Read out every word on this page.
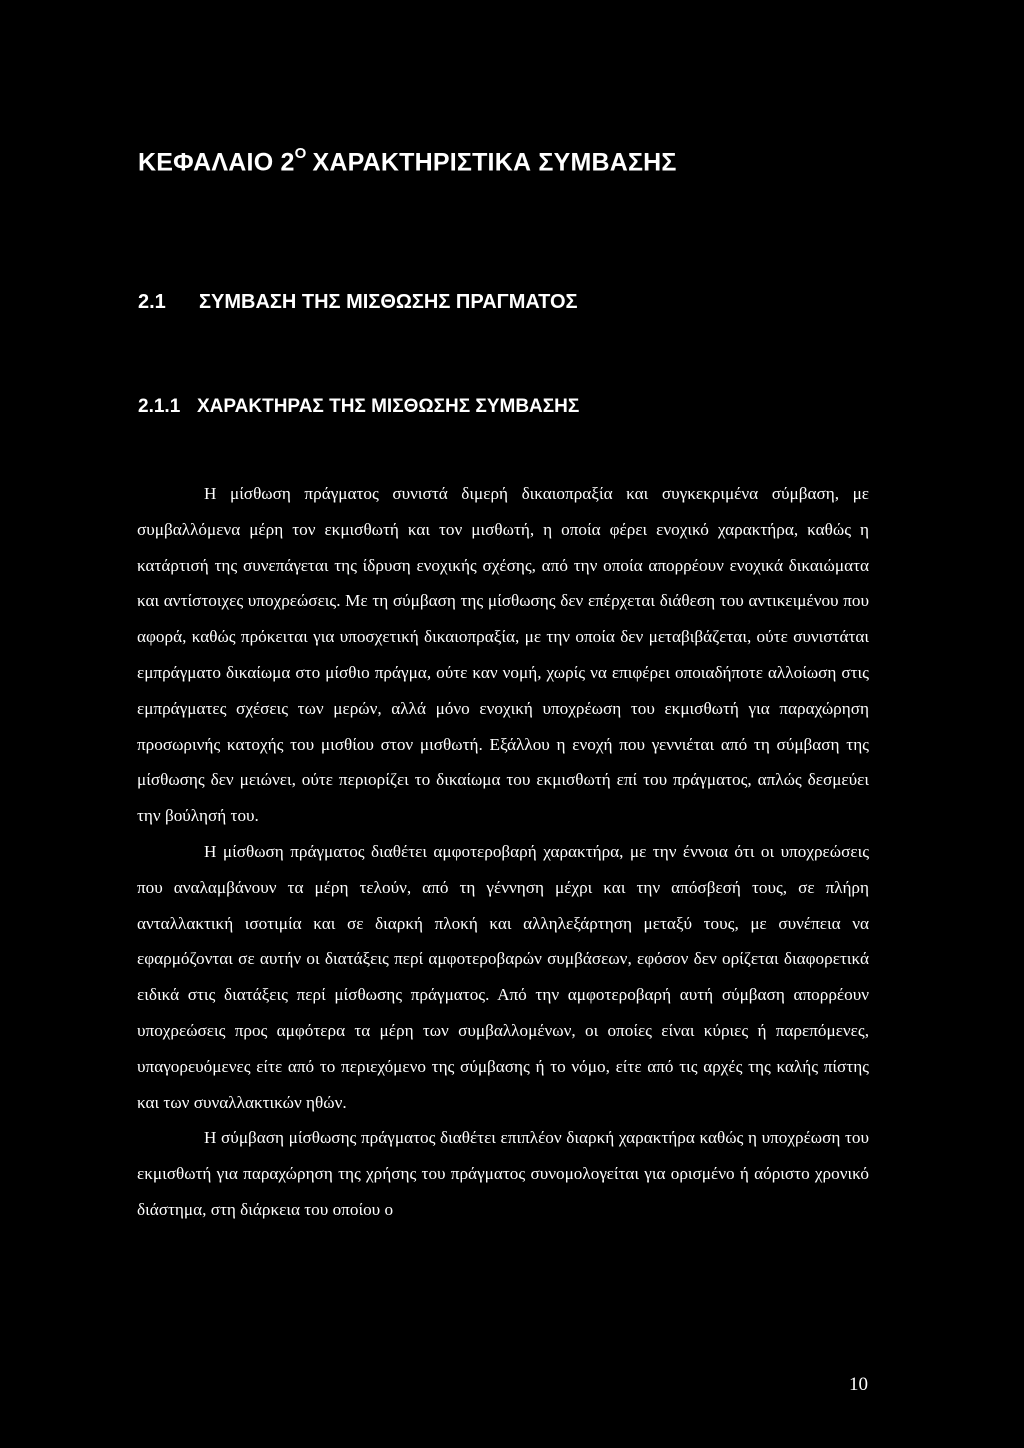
ΚΕΦΑΛΑΙΟ $2^O$ ΧΑΡΑΚΤΗΡΙΣΤΙΚΑ ΣΥΜΒΑΣΗΣ
2.1 ΣΥΜΒΑΣΗ ΤΗΣ ΜΙΣΘΩΣΗΣ ΠΡΑΓΜΑΤΟΣ
2.1.1 ΧΑΡΑΚΤΗΡΑΣ ΤΗΣ ΜΙΣΘΩΣΗΣ ΣΥΜΒΑΣΗΣ

Η μίσθωση πράγματος συνιστά διμερή δικαιοπραξία και συγκεκριμένα σύμβαση, με συμβαλλόμενα μέρη τον εκμισθωτή και τον μισθωτή, η οποία φέρει ενοχικό χαρακτήρα, καθώς η κατάρτισή της συνεπάγεται της ίδρυση ενοχικής σχέσης, από την οποία απορρέουν ενοχικά δικαιώματα και αντίστοιχες υποχρεώσεις. Με τη σύμβαση της μίσθωσης δεν επέρχεται διάθεση του αντικειμένου που αφορά, καθώς πρόκειται για υποσχετική δικαιοπραξία, με την οποία δεν μεταβιβάζεται, ούτε συνιστάται εμπράγματο δικαίωμα στο μίσθιο πράγμα, ούτε καν νομή, χωρίς να επιφέρει οποιαδήποτε αλλοίωση στις εμπράγματες σχέσεις των μερών, αλλά μόνο ενοχική υποχρέωση του εκμισθωτή για παραχώρηση προσωρινής κατοχής του μισθίου στον μισθωτή. Εξάλλου η ενοχή που γεννιέται από τη σύμβαση της μίσθωσης δεν μειώνει, ούτε περιορίζει το δικαίωμα του εκμισθωτή επί του πράγματος, απλώς δεσμεύει την βούλησή του.

Η μίσθωση πράγματος διαθέτει αμφοτεροβαρή χαρακτήρα, με την έννοια ότι οι υποχρεώσεις που αναλαμβάνουν τα μέρη τελούν, από τη γέννηση μέχρι και την απόσβεσή τους, σε πλήρη ανταλλακτική ισοτιμία και σε διαρκή πλοκή και αλληλεξάρτηση μεταξύ τους, με συνέπεια να εφαρμόζονται σε αυτήν οι διατάξεις περί αμφοτεροβαρών συμβάσεων, εφόσον δεν ορίζεται διαφορετικά ειδικά στις διατάξεις περί μίσθωσης πράγματος. Από την αμφοτεροβαρή αυτή σύμβαση απορρέουν υποχρεώσεις προς αμφότερα τα μέρη των συμβαλλομένων, οι οποίες είναι κύριες ή παρεπόμενες, υπαγορευόμενες είτε από το περιεχόμενο της σύμβασης ή το νόμο, είτε από τις αρχές της καλής πίστης και των συναλλακτικών ηθών.

Η σύμβαση μίσθωσης πράγματος διαθέτει επιπλέον διαρκή χαρακτήρα καθώς η υποχρέωση του εκμισθωτή για παραχώρηση της χρήσης του πράγματος συνομολογείται για ορισμένο ή αόριστο χρονικό διάστημα, στη διάρκεια του οποίου ο

10
